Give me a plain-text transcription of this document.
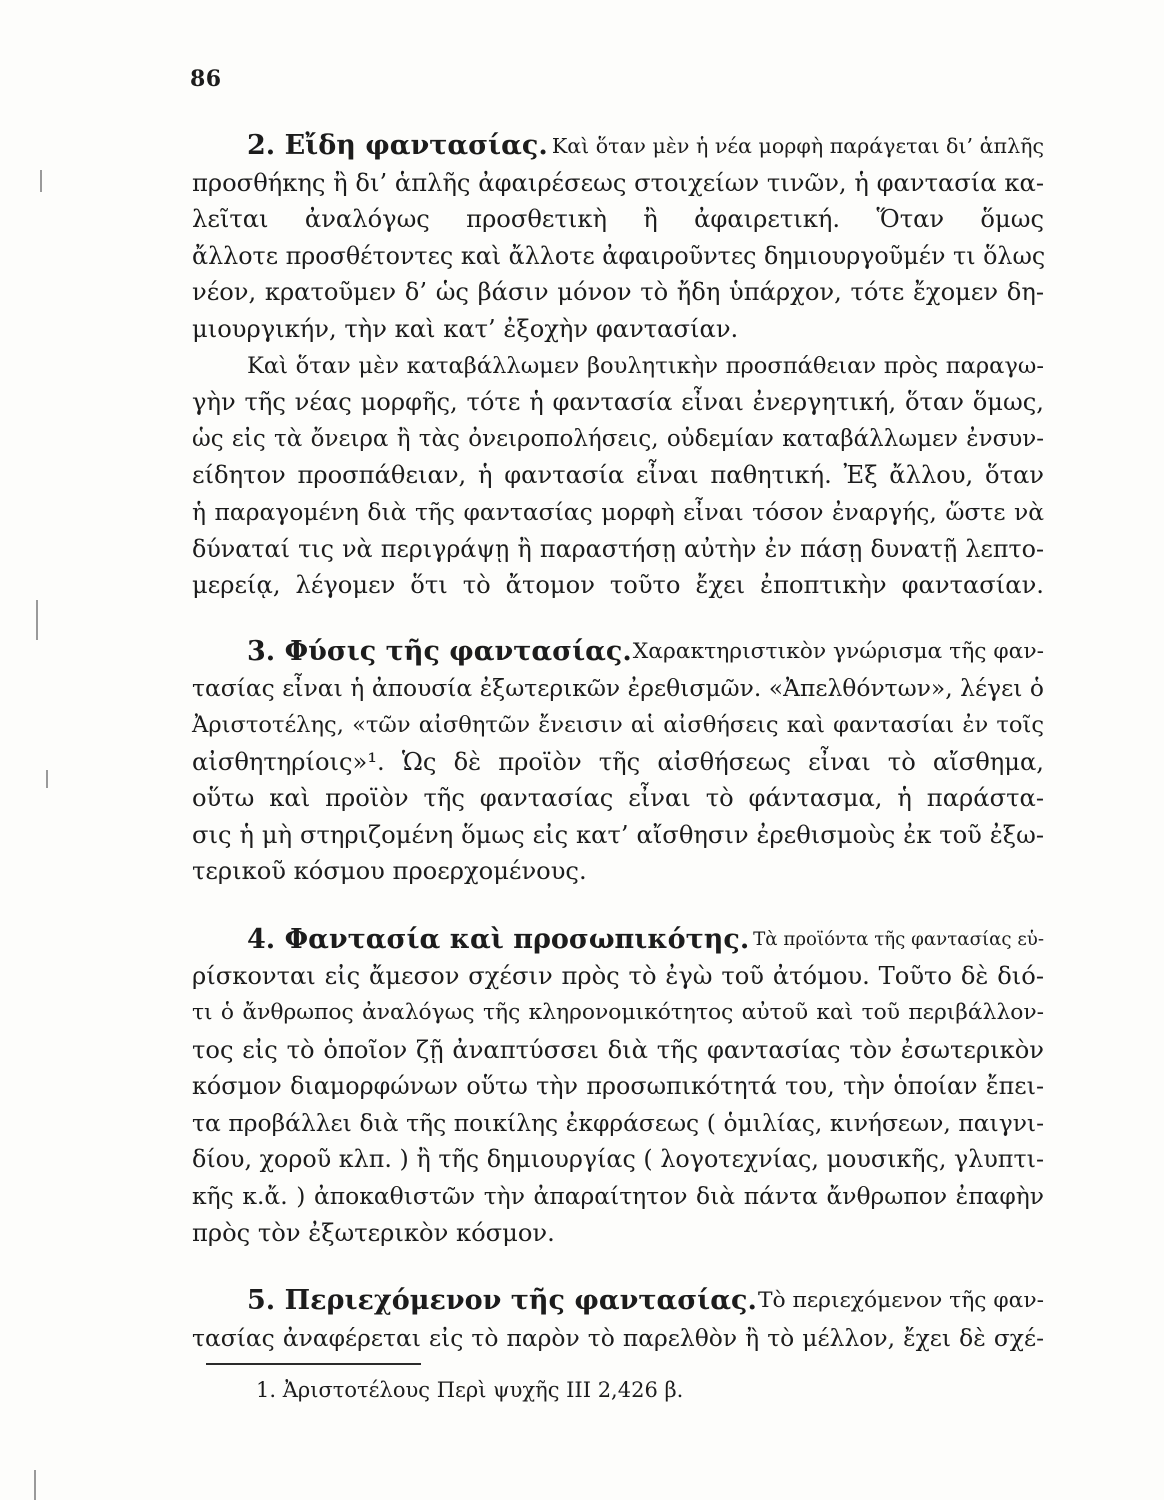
86
2. Εἴδη φαντασίας. Καὶ ὅταν μὲν ἡ νέα μορφὴ παράγεται δι’ ἁπλῆς
προσθήκης ἢ δι’ ἁπλῆς ἀφαιρέσεως στοιχείων τινῶν, ἡ φαντασία κα-
λεῖται ἀναλόγως προσθετικὴ ἢ ἀφαιρετική. Ὅταν ὅμως
ἄλλοτε προσθέτοντες καὶ ἄλλοτε ἀφαιροῦντες δημιουργοῦμέν τι ὅλως
νέον, κρατοῦμεν δ’ ὡς βάσιν μόνον τὸ ἤδη ὑπάρχον, τότε ἔχομεν δη-
μιουργικήν, τὴν καὶ κατ’ ἐξοχὴν φαντασίαν.
Καὶ ὅταν μὲν καταβάλλωμεν βουλητικὴν προσπάθειαν πρὸς παραγω-
γὴν τῆς νέας μορφῆς, τότε ἡ φαντασία εἶναι ἐνεργητική, ὅταν ὅμως,
ὡς εἰς τὰ ὄνειρα ἢ τὰς ὀνειροπολήσεις, οὐδεμίαν καταβάλλωμεν ἐνσυν-
είδητον προσπάθειαν, ἡ φαντασία εἶναι παθητική. Ἐξ ἄλλου, ὅταν
ἡ παραγομένη διὰ τῆς φαντασίας μορφὴ εἶναι τόσον ἐναργής, ὥστε νὰ
δύναταί τις νὰ περιγράψῃ ἢ παραστήσῃ αὐτὴν ἐν πάσῃ δυνατῇ λεπτο-
μερείᾳ, λέγομεν ὅτι τὸ ἄτομον τοῦτο ἔχει ἐποπτικὴν φαντασίαν.
3. Φύσις τῆς φαντασίας. Χαρακτηριστικὸν γνώρισμα τῆς φαν-
τασίας εἶναι ἡ ἀπουσία ἐξωτερικῶν ἐρεθισμῶν. «Ἀπελθόντων», λέγει ὁ
Ἀριστοτέλης, «τῶν αἰσθητῶν ἔνεισιν αἱ αἰσθήσεις καὶ φαντασίαι ἐν τοῖς
αἰσθητηρίοις»¹. Ὡς δὲ προϊὸν τῆς αἰσθήσεως εἶναι τὸ αἴσθημα,
οὕτω καὶ προϊὸν τῆς φαντασίας εἶναι τὸ φάντασμα, ἡ παράστα-
σις ἡ μὴ στηριζομένη ὅμως εἰς κατ’ αἴσθησιν ἐρεθισμοὺς ἐκ τοῦ ἐξω-
τερικοῦ κόσμου προερχομένους.
4. Φαντασία καὶ προσωπικότης. Τὰ προϊόντα τῆς φαντασίας εὑ-
ρίσκονται εἰς ἄμεσον σχέσιν πρὸς τὸ ἐγὼ τοῦ ἀτόμου. Τοῦτο δὲ διό-
τι ὁ ἄνθρωπος ἀναλόγως τῆς κληρονομικότητος αὐτοῦ καὶ τοῦ περιβάλλον-
τος εἰς τὸ ὁποῖον ζῇ ἀναπτύσσει διὰ τῆς φαντασίας τὸν ἐσωτερικὸν
κόσμον διαμορφώνων οὕτω τὴν προσωπικότητά του, τὴν ὁποίαν ἔπει-
τα προβάλλει διὰ τῆς ποικίλης ἐκφράσεως ( ὁμιλίας, κινήσεων, παιγνι-
δίου, χοροῦ κλπ. ) ἢ τῆς δημιουργίας ( λογοτεχνίας, μουσικῆς, γλυπτι-
κῆς κ.ἄ. ) ἀποκαθιστῶν τὴν ἀπαραίτητον διὰ πάντα ἄνθρωπον ἐπαφὴν
πρὸς τὸν ἐξωτερικὸν κόσμον.
5. Περιεχόμενον τῆς φαντασίας. Τὸ περιεχόμενον τῆς φαν-
τασίας ἀναφέρεται εἰς τὸ παρὸν τὸ παρελθὸν ἢ τὸ μέλλον, ἔχει δὲ σχέ-
1. Ἀριστοτέλους Περὶ ψυχῆς ΙΙΙ 2,426 β.
